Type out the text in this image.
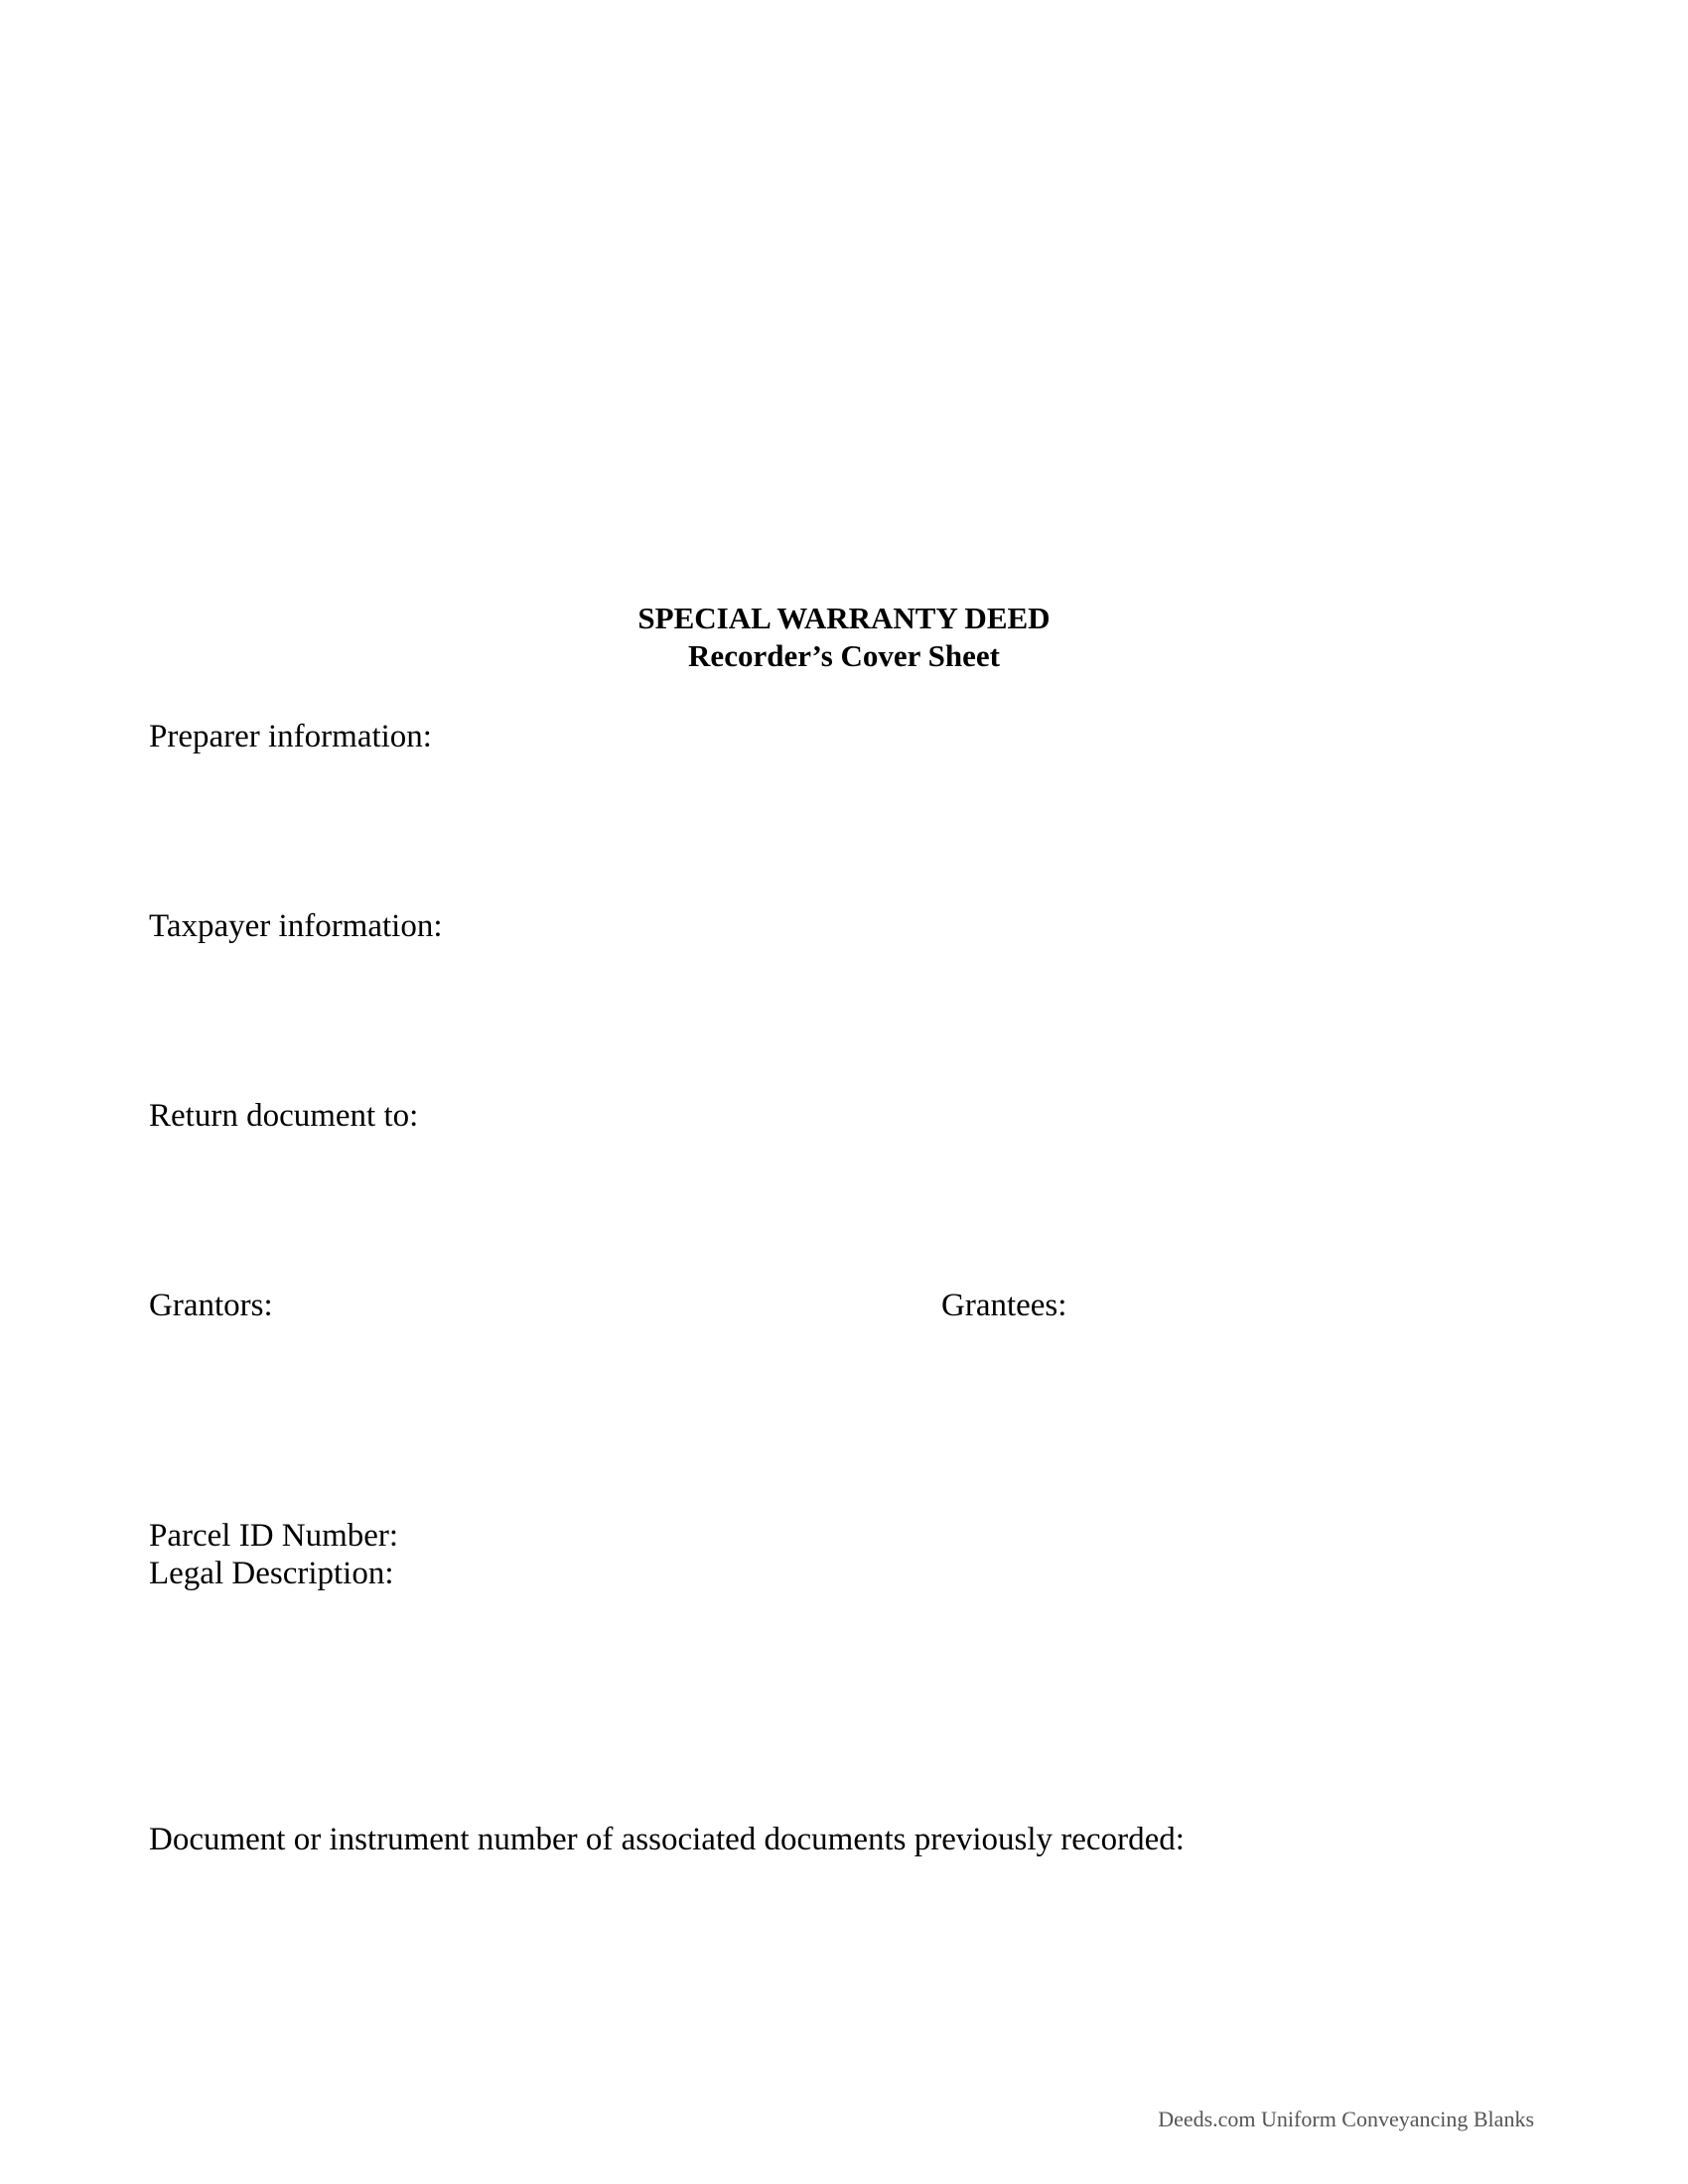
SPECIAL WARRANTY DEED
Recorder’s Cover Sheet
Preparer information:
Taxpayer information:
Return document to:
Grantors:	Grantees:
Parcel ID Number:
Legal Description:
Document or instrument number of associated documents previously recorded:
Deeds.com Uniform Conveyancing Blanks
